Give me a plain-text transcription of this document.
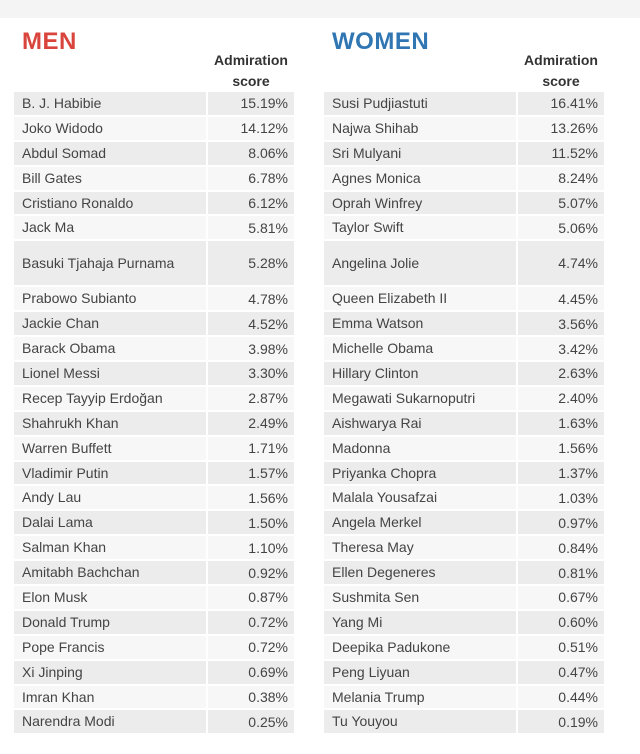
MEN
Admiration score
B. J. Habibie	15.19%
Joko Widodo	14.12%
Abdul Somad	8.06%
Bill Gates	6.78%
Cristiano Ronaldo	6.12%
Jack Ma	5.81%
Basuki Tjahaja Purnama	5.28%
Prabowo Subianto	4.78%
Jackie Chan	4.52%
Barack Obama	3.98%
Lionel Messi	3.30%
Recep Tayyip Erdoğan	2.87%
Shahrukh Khan	2.49%
Warren Buffett	1.71%
Vladimir Putin	1.57%
Andy Lau	1.56%
Dalai Lama	1.50%
Salman Khan	1.10%
Amitabh Bachchan	0.92%
Elon Musk	0.87%
Donald Trump	0.72%
Pope Francis	0.72%
Xi Jinping	0.69%
Imran Khan	0.38%
Narendra Modi	0.25%
WOMEN
Admiration score
Susi Pudjiastuti	16.41%
Najwa Shihab	13.26%
Sri Mulyani	11.52%
Agnes Monica	8.24%
Oprah Winfrey	5.07%
Taylor Swift	5.06%
Angelina Jolie	4.74%
Queen Elizabeth II	4.45%
Emma Watson	3.56%
Michelle Obama	3.42%
Hillary Clinton	2.63%
Megawati Sukarnoputri	2.40%
Aishwarya Rai	1.63%
Madonna	1.56%
Priyanka Chopra	1.37%
Malala Yousafzai	1.03%
Angela Merkel	0.97%
Theresa May	0.84%
Ellen Degeneres	0.81%
Sushmita Sen	0.67%
Yang Mi	0.60%
Deepika Padukone	0.51%
Peng Liyuan	0.47%
Melania Trump	0.44%
Tu Youyou	0.19%
